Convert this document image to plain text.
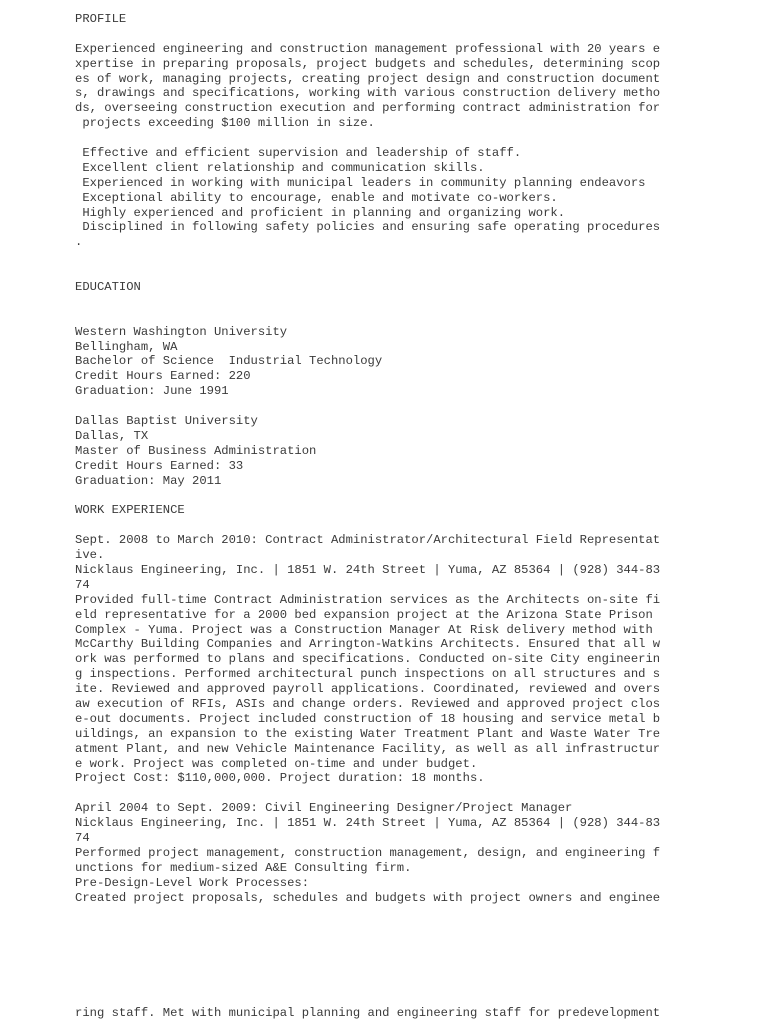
PROFILE
Experienced engineering and construction management professional with 20 years e
xpertise in preparing proposals, project budgets and schedules, determining scop
es of work, managing projects, creating project design and construction document
s, drawings and specifications, working with various construction delivery metho
ds, overseeing construction execution and performing contract administration for
projects exceeding $100 million in size.
Effective and efficient supervision and leadership of staff.
Excellent client relationship and communication skills.
Experienced in working with municipal leaders in community planning endeavors
Exceptional ability to encourage, enable and motivate co-workers.
Highly experienced and proficient in planning and organizing work.
Disciplined in following safety policies and ensuring safe operating procedures
.
EDUCATION
Western Washington University
Bellingham, WA
Bachelor of Science  Industrial Technology
Credit Hours Earned: 220
Graduation: June 1991
Dallas Baptist University
Dallas, TX
Master of Business Administration
Credit Hours Earned: 33
Graduation: May 2011
WORK EXPERIENCE
Sept. 2008 to March 2010: Contract Administrator/Architectural Field Representat
ive.
Nicklaus Engineering, Inc. | 1851 W. 24th Street | Yuma, AZ 85364 | (928) 344-83
74
Provided full-time Contract Administration services as the Architects on-site fi
eld representative for a 2000 bed expansion project at the Arizona State Prison
Complex - Yuma. Project was a Construction Manager At Risk delivery method with
McCarthy Building Companies and Arrington-Watkins Architects. Ensured that all w
ork was performed to plans and specifications. Conducted on-site City engineerin
g inspections. Performed architectural punch inspections on all structures and s
ite. Reviewed and approved payroll applications. Coordinated, reviewed and overs
aw execution of RFIs, ASIs and change orders. Reviewed and approved project clos
e-out documents. Project included construction of 18 housing and service metal b
uildings, an expansion to the existing Water Treatment Plant and Waste Water Tre
atment Plant, and new Vehicle Maintenance Facility, as well as all infrastructur
e work. Project was completed on-time and under budget.
Project Cost: $110,000,000. Project duration: 18 months.
April 2004 to Sept. 2009: Civil Engineering Designer/Project Manager
Nicklaus Engineering, Inc. | 1851 W. 24th Street | Yuma, AZ 85364 | (928) 344-83
74
Performed project management, construction management, design, and engineering f
unctions for medium-sized A&E Consulting firm.
Pre-Design-Level Work Processes:
Created project proposals, schedules and budgets with project owners and enginee
ring staff. Met with municipal planning and engineering staff for predevelopment
